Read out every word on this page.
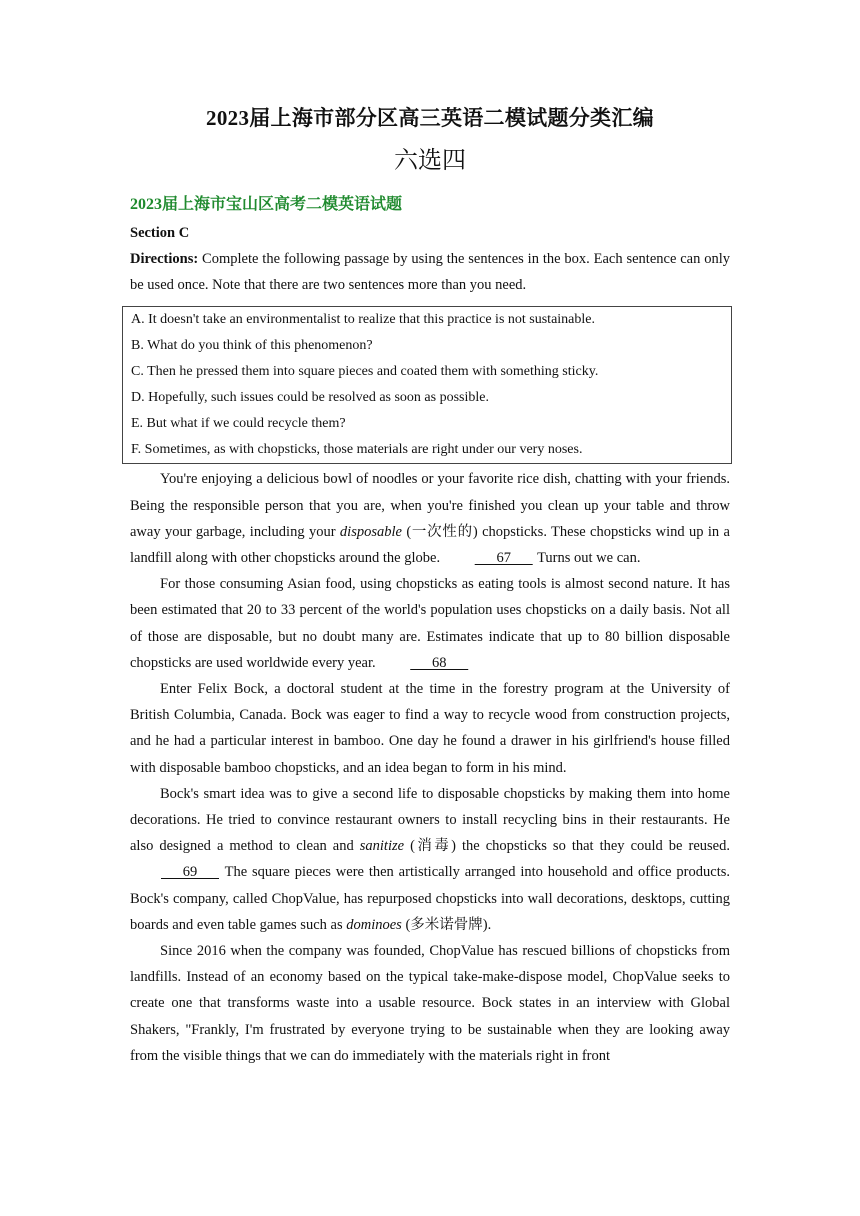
2023届上海市部分区高三英语二模试题分类汇编
六选四
2023届上海市宝山区高考二模英语试题
Section C

Directions: Complete the following passage by using the sentences in the box. Each sentence can only be used once. Note that there are two sentences more than you need.

A. It doesn't take an environmentalist to realize that this practice is not sustainable.
B. What do you think of this phenomenon?
C. Then he pressed them into square pieces and coated them with something sticky.
D. Hopefully, such issues could be resolved as soon as possible.
E. But what if we could recycle them?
F. Sometimes, as with chopsticks, those materials are right under our very noses.

You're enjoying a delicious bowl of noodles or your favorite rice dish, chatting with your friends. Being the responsible person that you are, when you're finished you clean up your table and throw away your garbage, including your disposable (一次性的) chopsticks. These chopsticks wind up in a landfill along with other chopsticks around the globe.       67       Turns out we can.

For those consuming Asian food, using chopsticks as eating tools is almost second nature. It has been estimated that 20 to 33 percent of the world's population uses chopsticks on a daily basis. Not all of those are disposable, but no doubt many are. Estimates indicate that up to 80 billion disposable chopsticks are used worldwide every year.       68

Enter Felix Bock, a doctoral student at the time in the forestry program at the University of British Columbia, Canada. Bock was eager to find a way to recycle wood from construction projects, and he had a particular interest in bamboo. One day he found a drawer in his girlfriend's house filled with disposable bamboo chopsticks, and an idea began to form in his mind.

Bock's smart idea was to give a second life to disposable chopsticks by making them into home decorations. He tried to convince restaurant owners to install recycling bins in their restaurants. He also designed a method to clean and sanitize (消毒) the chopsticks so that they could be reused.       69       The square pieces were then artistically arranged into household and office products. Bock's company, called ChopValue, has repurposed chopsticks into wall decorations, desktops, cutting boards and even table games such as dominoes (多米诺骨牌).

Since 2016 when the company was founded, ChopValue has rescued billions of chopsticks from landfills. Instead of an economy based on the typical take-make-dispose model, ChopValue seeks to create one that transforms waste into a usable resource. Bock states in an interview with Global Shakers, "Frankly, I'm frustrated by everyone trying to be sustainable when they are looking away from the visible things that we can do immediately with the materials right in front
